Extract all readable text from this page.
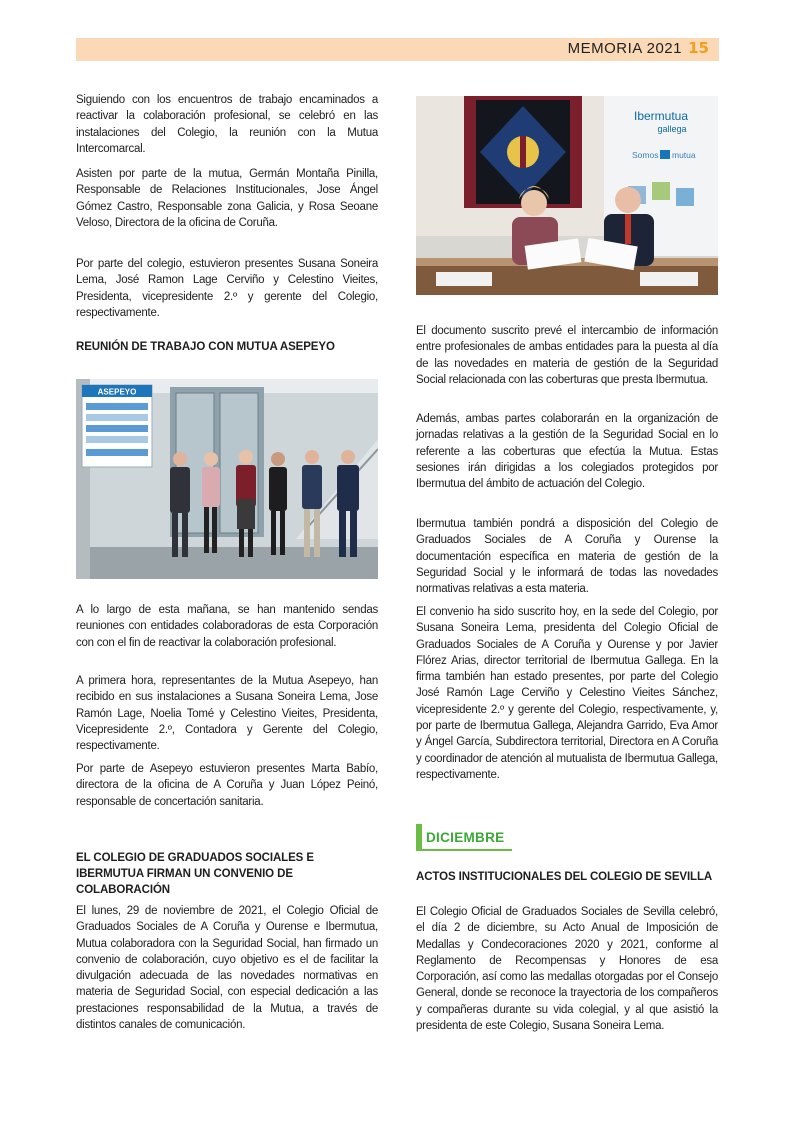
MEMORIA 2021 15

Siguiendo con los encuentros de trabajo encaminados a reactivar la colaboración profesional, se celebró en las instalaciones del Colegio, la reunión con la Mutua Intercomarcal.

Asisten por parte de la mutua, Germán Montaña Pinilla, Responsable de Relaciones Institucionales, Jose Ángel Gómez Castro, Responsable zona Galicia, y Rosa Seoane Veloso, Directora de la oficina de Coruña.

Por parte del colegio, estuvieron presentes Susana Soneira Lema, José Ramon Lage Cerviño y Celestino Vieites, Presidenta, vicepresidente 2.º y gerente del Colegio, respectivamente.

REUNIÓN DE TRABAJO CON MUTUA ASEPEYO
ASEPEYO

A lo largo de esta mañana, se han mantenido sendas reuniones con entidades colaboradoras de esta Corporación con con el fin de reactivar la colaboración profesional.

A primera hora, representantes de la Mutua Asepeyo, han recibido en sus instalaciones a Susana Soneira Lema, Jose Ramón Lage, Noelia Tomé y Celestino Vieites, Presidenta, Vicepresidente 2.º, Contadora y Gerente del Colegio, respectivamente.

Por parte de Asepeyo estuvieron presentes Marta Babío, directora de la oficina de A Coruña y Juan López Peinó, responsable de concertación sanitaria.

EL COLEGIO DE GRADUADOS SOCIALES E IBERMUTUA FIRMAN UN CONVENIO DE COLABORACIÓN

El lunes, 29 de noviembre de 2021, el Colegio Oficial de Graduados Sociales de A Coruña y Ourense e Ibermutua, Mutua colaboradora con la Seguridad Social, han firmado un convenio de colaboración, cuyo objetivo es el de facilitar la divulgación adecuada de las novedades normativas en materia de Seguridad Social, con especial dedicación a las prestaciones responsabilidad de la Mutua, a través de distintos canales de comunicación.

Ibermutua
gallega
Somos mutua

El documento suscrito prevé el intercambio de información entre profesionales de ambas entidades para la puesta al día de las novedades en materia de gestión de la Seguridad Social relacionada con las coberturas que presta Ibermutua.

Además, ambas partes colaborarán en la organización de jornadas relativas a la gestión de la Seguridad Social en lo referente a las coberturas que efectúa la Mutua. Estas sesiones irán dirigidas a los colegiados protegidos por Ibermutua del ámbito de actuación del Colegio.

Ibermutua también pondrá a disposición del Colegio de Graduados Sociales de A Coruña y Ourense la documentación específica en materia de gestión de la Seguridad Social y le informará de todas las novedades normativas relativas a esta materia.

El convenio ha sido suscrito hoy, en la sede del Colegio, por Susana Soneira Lema, presidenta del Colegio Oficial de Graduados Sociales de A Coruña y Ourense y por Javier Flórez Arias, director territorial de Ibermutua Gallega. En la firma también han estado presentes, por parte del Colegio José Ramón Lage Cerviño y Celestino Vieites Sánchez, vicepresidente 2.º y gerente del Colegio, respectivamente, y, por parte de Ibermutua Gallega, Alejandra Garrido, Eva Amor y Ángel García, Subdirectora territorial, Directora en A Coruña y coordinador de atención al mutualista de Ibermutua Gallega, respectivamente.

DICIEMBRE
ACTOS INSTITUCIONALES DEL COLEGIO DE SEVILLA

El Colegio Oficial de Graduados Sociales de Sevilla celebró, el día 2 de diciembre, su Acto Anual de Imposición de Medallas y Condecoraciones 2020 y 2021, conforme al Reglamento de Recompensas y Honores de esa Corporación, así como las medallas otorgadas por el Consejo General, donde se reconoce la trayectoria de los compañeros y compañeras durante su vida colegial, y al que asistió la presidenta de este Colegio, Susana Soneira Lema.
